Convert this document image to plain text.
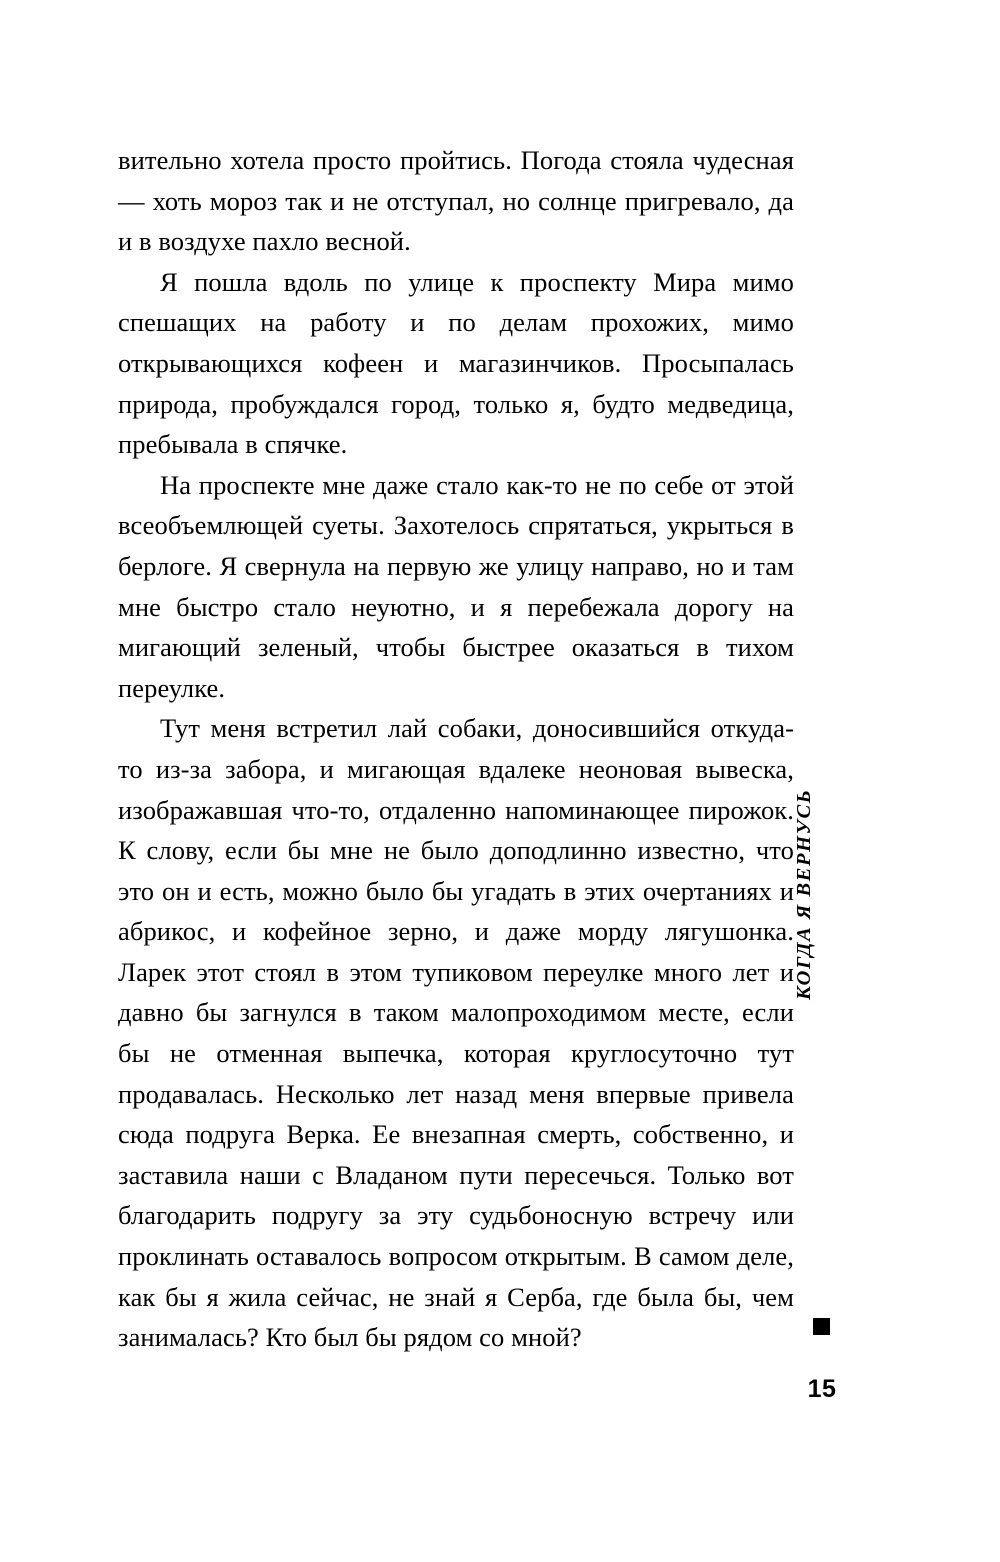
вительно хотела просто пройтись. Погода стояла чудесная — хоть мороз так и не отступал, но солнце пригревало, да и в воздухе пахло весной.

Я пошла вдоль по улице к проспекту Мира мимо спешащих на работу и по делам прохожих, мимо открывающихся кофеен и магазинчиков. Просыпалась природа, пробуждался город, только я, будто медведица, пребывала в спячке.

На проспекте мне даже стало как-то не по себе от этой всеобъемлющей суеты. Захотелось спрятаться, укрыться в берлоге. Я свернула на первую же улицу направо, но и там мне быстро стало неуютно, и я перебежала дорогу на мигающий зеленый, чтобы быстрее оказаться в тихом переулке.

Тут меня встретил лай собаки, доносившийся откуда-то из-за забора, и мигающая вдалеке неоновая вывеска, изображавшая что-то, отдаленно напоминающее пирожок. К слову, если бы мне не было доподлинно известно, что это он и есть, можно было бы угадать в этих очертаниях и абрикос, и кофейное зерно, и даже морду лягушонка. Ларек этот стоял в этом тупиковом переулке много лет и давно бы загнулся в таком малопроходимом месте, если бы не отменная выпечка, которая круглосуточно тут продавалась. Несколько лет назад меня впервые привела сюда подруга Верка. Ее внезапная смерть, собственно, и заставила наши с Владаном пути пересечься. Только вот благодарить подругу за эту судьбоносную встречу или проклинать оставалось вопросом открытым. В самом деле, как бы я жила сейчас, не знай я Серба, где была бы, чем занималась? Кто был бы рядом со мной?

КОГДА Я ВЕРНУСЬ
15
